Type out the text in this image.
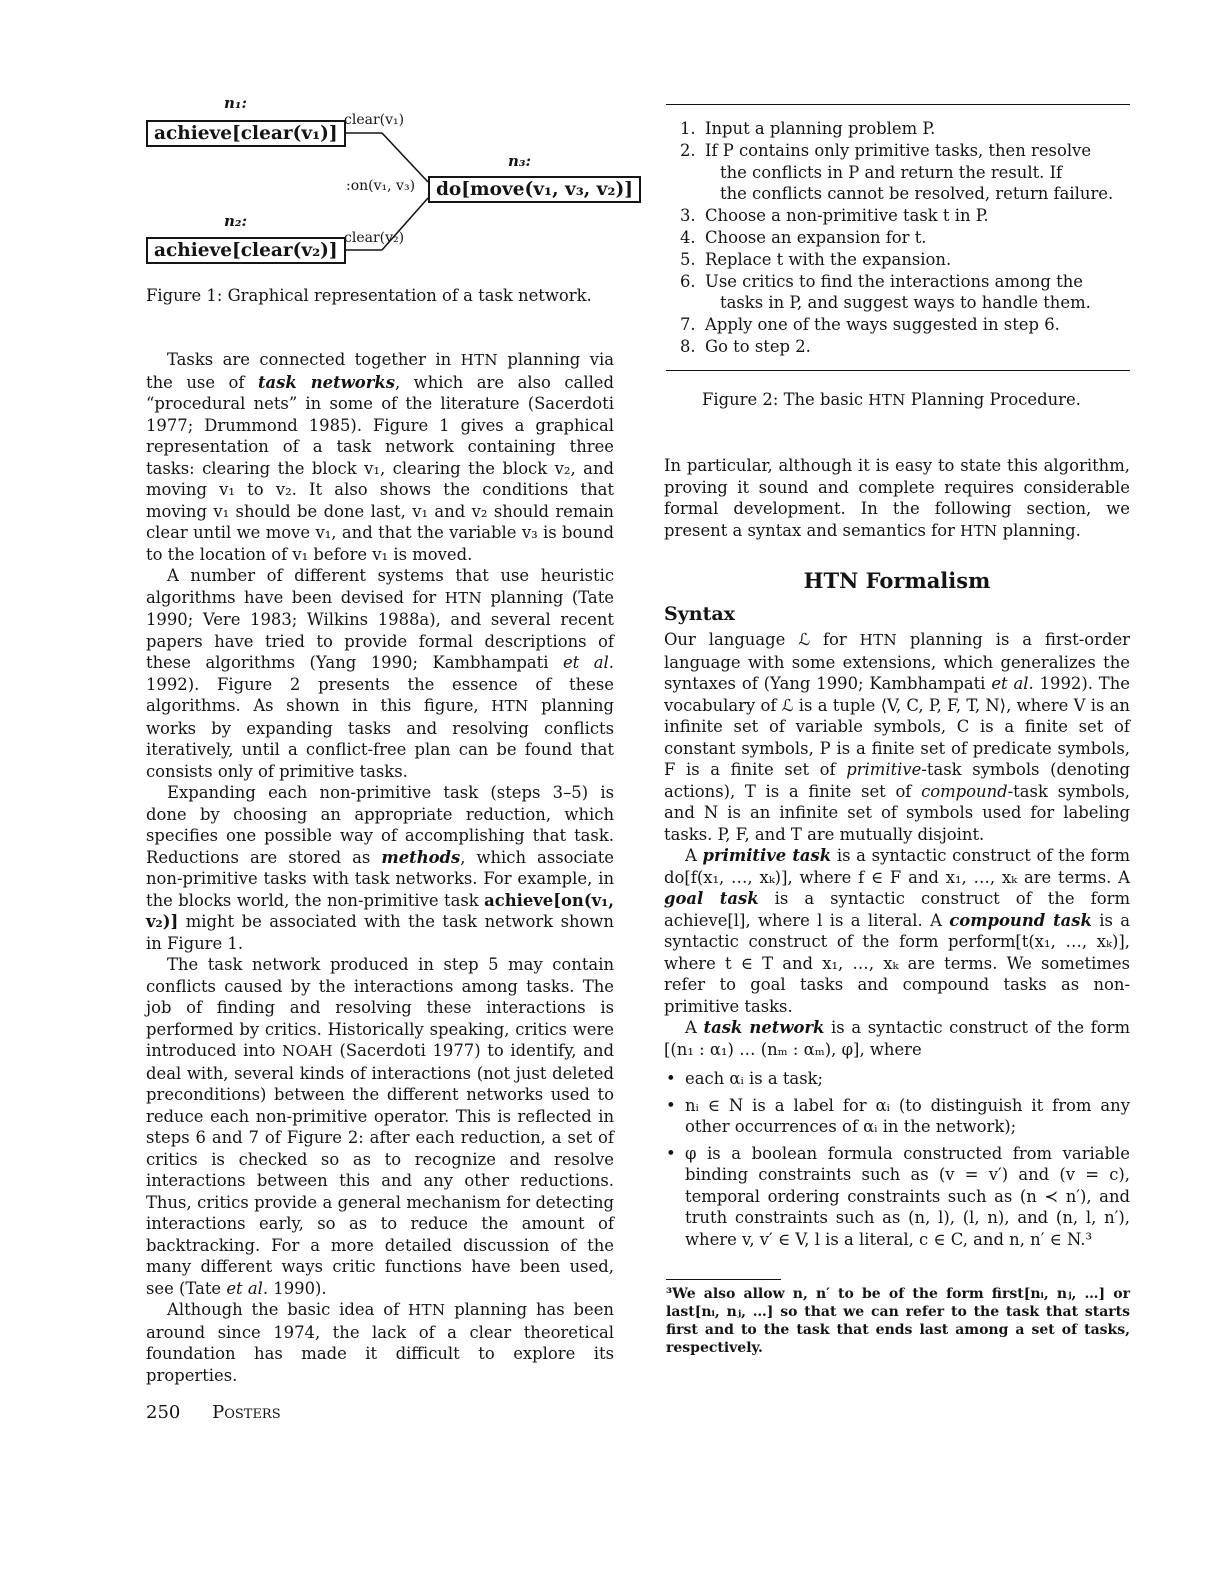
n₁:
achieve[clear(v₁)]
clear(v₁)
n₃:
:on(v₁, v₃)	do[move(v₁, v₃, v₂)]
n₂:
achieve[clear(v₂)]
clear(v₂)
Figure 1: Graphical representation of a task network.

Tasks are connected together in HTN planning via the use of task networks, which are also called “procedural nets” in some of the literature (Sacerdoti 1977; Drummond 1985). Figure 1 gives a graphical representation of a task network containing three tasks: clearing the block v₁, clearing the block v₂, and moving v₁ to v₂. It also shows the conditions that moving v₁ should be done last, v₁ and v₂ should remain clear until we move v₁, and that the variable v₃ is bound to the location of v₁ before v₁ is moved.

A number of different systems that use heuristic algorithms have been devised for HTN planning (Tate 1990; Vere 1983; Wilkins 1988a), and several recent papers have tried to provide formal descriptions of these algorithms (Yang 1990; Kambhampati et al. 1992). Figure 2 presents the essence of these algorithms. As shown in this figure, HTN planning works by expanding tasks and resolving conflicts iteratively, until a conflict-free plan can be found that consists only of primitive tasks.

Expanding each non-primitive task (steps 3–5) is done by choosing an appropriate reduction, which specifies one possible way of accomplishing that task. Reductions are stored as methods, which associate non-primitive tasks with task networks. For example, in the blocks world, the non-primitive task achieve[on(v₁, v₂)] might be associated with the task network shown in Figure 1.

The task network produced in step 5 may contain conflicts caused by the interactions among tasks. The job of finding and resolving these interactions is performed by critics. Historically speaking, critics were introduced into NOAH (Sacerdoti 1977) to identify, and deal with, several kinds of interactions (not just deleted preconditions) between the different networks used to reduce each non-primitive operator. This is reflected in steps 6 and 7 of Figure 2: after each reduction, a set of critics is checked so as to recognize and resolve interactions between this and any other reductions. Thus, critics provide a general mechanism for detecting interactions early, so as to reduce the amount of backtracking. For a more detailed discussion of the many different ways critic functions have been used, see (Tate et al. 1990).

Although the basic idea of HTN planning has been around since 1974, the lack of a clear theoretical foundation has made it difficult to explore its properties.

1. Input a planning problem P.
2. If P contains only primitive tasks, then resolve
the conflicts in P and return the result. If
the conflicts cannot be resolved, return failure.
3. Choose a non-primitive task t in P.
4. Choose an expansion for t.
5. Replace t with the expansion.
6. Use critics to find the interactions among the
tasks in P, and suggest ways to handle them.
7. Apply one of the ways suggested in step 6.
8. Go to step 2.
Figure 2: The basic HTN Planning Procedure.

In particular, although it is easy to state this algorithm, proving it sound and complete requires considerable formal development. In the following section, we present a syntax and semantics for HTN planning.

HTN Formalism
Syntax

Our language ℒ for HTN planning is a first-order language with some extensions, which generalizes the syntaxes of (Yang 1990; Kambhampati et al. 1992). The vocabulary of ℒ is a tuple ⟨V, C, P, F, T, N⟩, where V is an infinite set of variable symbols, C is a finite set of constant symbols, P is a finite set of predicate symbols, F is a finite set of primitive-task symbols (denoting actions), T is a finite set of compound-task symbols, and N is an infinite set of symbols used for labeling tasks. P, F, and T are mutually disjoint.

A primitive task is a syntactic construct of the form do[f(x₁, …, xₖ)], where f ∈ F and x₁, …, xₖ are terms. A goal task is a syntactic construct of the form achieve[l], where l is a literal. A compound task is a syntactic construct of the form perform[t(x₁, …, xₖ)], where t ∈ T and x₁, …, xₖ are terms. We sometimes refer to goal tasks and compound tasks as non-primitive tasks.

A task network is a syntactic construct of the form [(n₁ : α₁) … (nₘ : αₘ), φ], where

• each αᵢ is a task;
• nᵢ ∈ N is a label for αᵢ (to distinguish it from any other occurrences of αᵢ in the network);
• φ is a boolean formula constructed from variable binding constraints such as (v = v′) and (v = c), temporal ordering constraints such as (n ≺ n′), and truth constraints such as (n, l), (l, n), and (n, l, n′), where v, v′ ∈ V, l is a literal, c ∈ C, and n, n′ ∈ N.³
³We also allow n, n′ to be of the form first[nᵢ, nⱼ, …] or last[nᵢ, nⱼ, …] so that we can refer to the task that starts first and to the task that ends last among a set of tasks, respectively.
250 Posters
